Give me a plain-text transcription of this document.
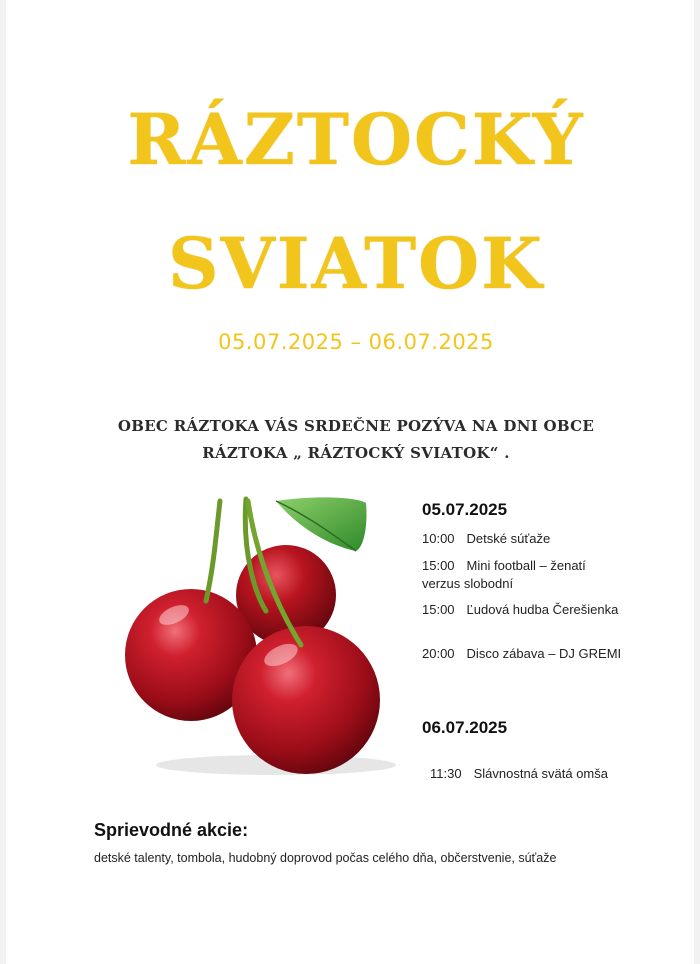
RÁZTOCKÝ
SVIATOK
05.07.2025 – 06.07.2025
OBEC RÁZTOKA VÁS SRDEČNE POZÝVA NA DNI OBCE
RÁZTOKA „ RÁZTOCKÝ SVIATOK“ .
05.07.2025
10:00 Detské súťaže
15:00 Mini football – ženatí verzus slobodní
15:00 Ľudová hudba Čerešienka
20:00 Disco zábava – DJ GREMI
06.07.2025
11:30 Slávnostná svätá omša
Sprievodné akcie:
detské talenty, tombola, hudobný doprovod počas celého dňa, občerstvenie, súťaže
